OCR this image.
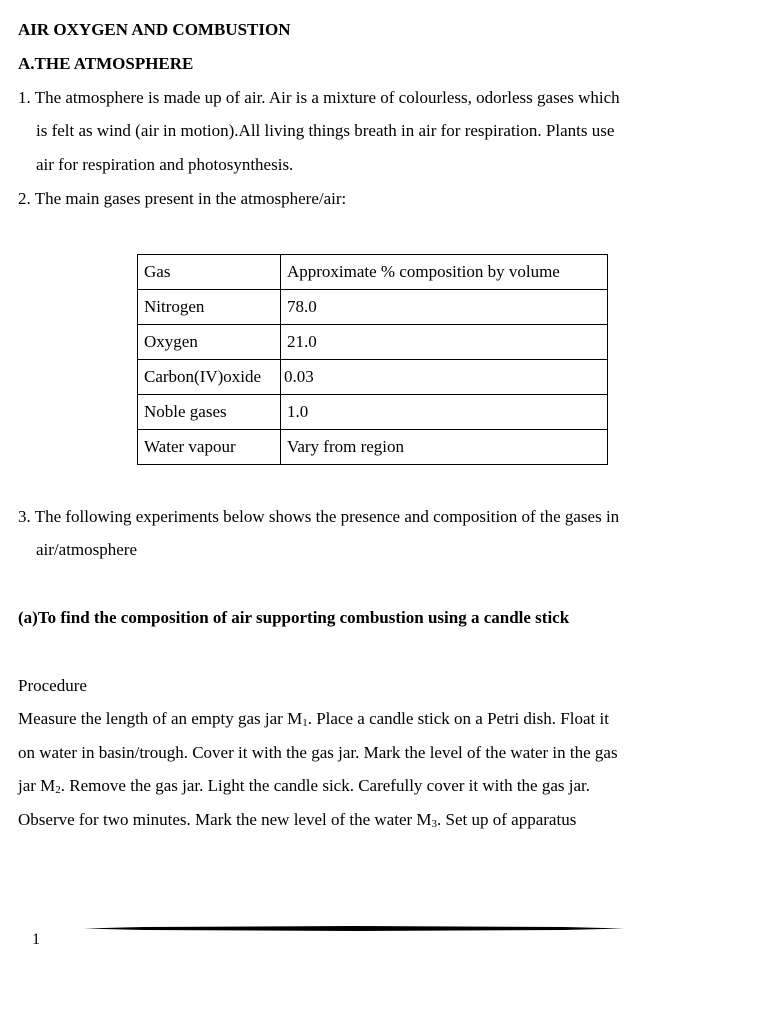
AIR OXYGEN AND COMBUSTION
A.THE ATMOSPHERE
1. The atmosphere is made up of air. Air is a mixture of colourless, odorless gases which
is felt as wind (air in motion).All living things breath in air for respiration. Plants use
air for respiration and photosynthesis.
2. The main gases present in the atmosphere/air:
Gas	Approximate % composition by volume
Nitrogen	78.0
Oxygen	21.0
Carbon(IV)oxide	0.03
Noble gases	1.0
Water vapour	Vary from region
3. The following experiments below shows the presence and composition of the gases in
air/atmosphere
(a)To find the composition of air supporting combustion using a candle stick
Procedure
Measure the length of an empty gas jar $M_1$. Place a candle stick on a Petri dish. Float it
on water in basin/trough. Cover it with the gas jar. Mark the level of the water in the gas
jar $M_2$. Remove the gas jar. Light the candle sick. Carefully cover it with the gas jar.
Observe for two minutes. Mark the new level of the water $M_3$. Set up of apparatus
1
